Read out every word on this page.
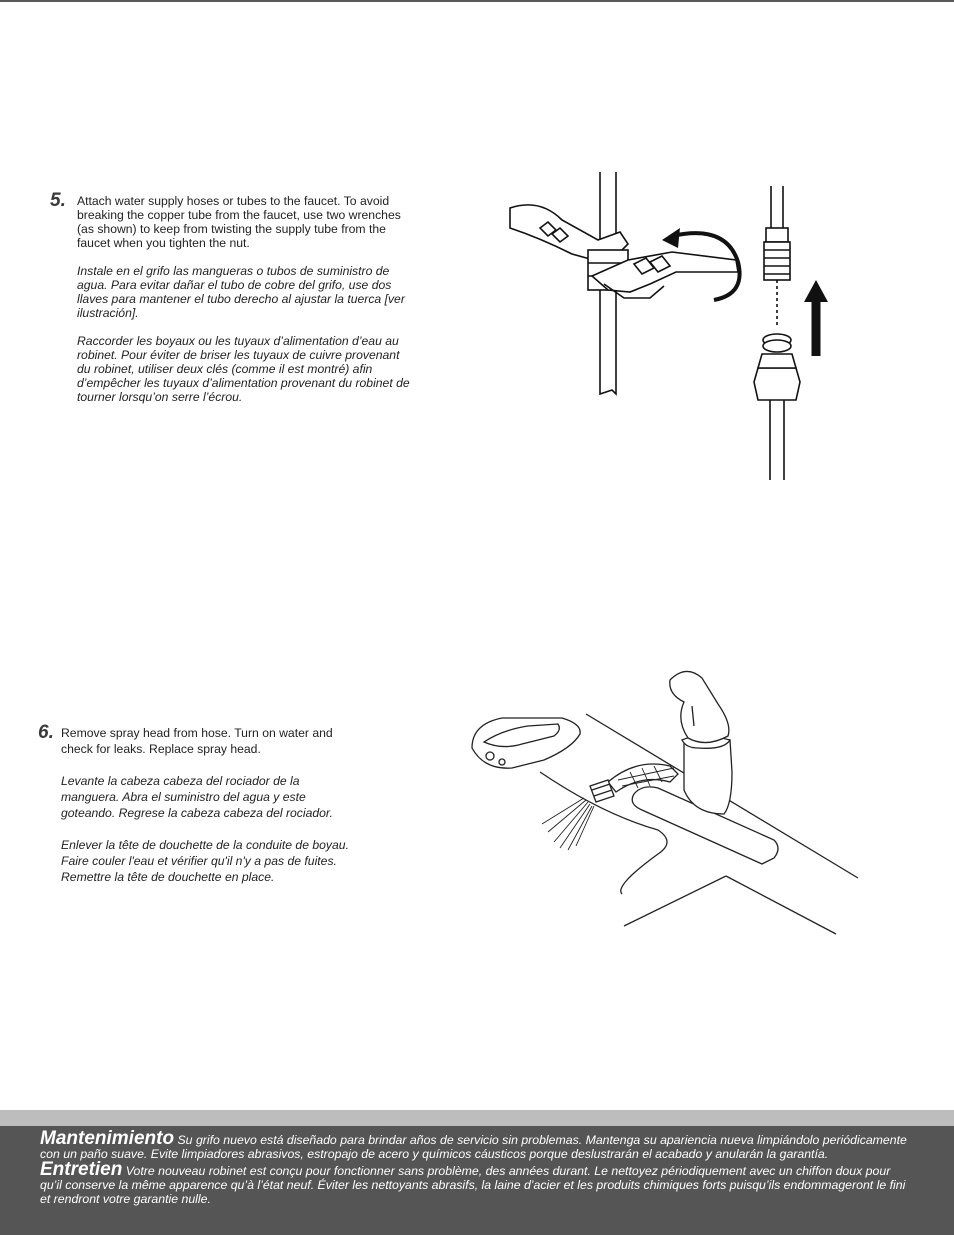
5. Attach water supply hoses or tubes to the faucet. To avoid breaking the copper tube from the faucet, use two wrenches (as shown) to keep from twisting the supply tube from the faucet when you tighten the nut.

Instale en el grifo las mangueras o tubos de suministro de agua. Para evitar dañar el tubo de cobre del grifo, use dos llaves para mantener el tubo derecho al ajustar la tuerca [ver ilustración].

Raccorder les boyaux ou les tuyaux d’alimentation d’eau au robinet. Pour éviter de briser les tuyaux de cuivre provenant du robinet, utiliser deux clés (comme il est montré) afin d’empêcher les tuyaux d’alimentation provenant du robinet de tourner lorsqu’on serre l’écrou.

6. Remove spray head from hose. Turn on water and check for leaks. Replace spray head.

Levante la cabeza cabeza del rociador de la manguera. Abra el suministro del agua y este goteando. Regrese la cabeza cabeza del rociador.

Enlever la tête de douchette de la conduite de boyau. Faire couler l'eau et vérifier qu'il n'y a pas de fuites. Remettre la tête de douchette en place.

Mantenimiento Su grifo nuevo está diseñado para brindar años de servicio sin problemas. Mantenga su apariencia nueva limpiándolo periódicamente con un paño suave. Evite limpiadores abrasivos, estropajo de acero y químicos cáusticos porque deslustrarán el acabado y anularán la garantía.
Entretien Votre nouveau robinet est conçu pour fonctionner sans problème, des années durant. Le nettoyez périodiquement avec un chiffon doux pour qu’il conserve la même apparence qu’à l’état neuf. Éviter les nettoyants abrasifs, la laine d’acier et les produits chimiques forts puisqu’ils endommageront le fini et rendront votre garantie nulle.
